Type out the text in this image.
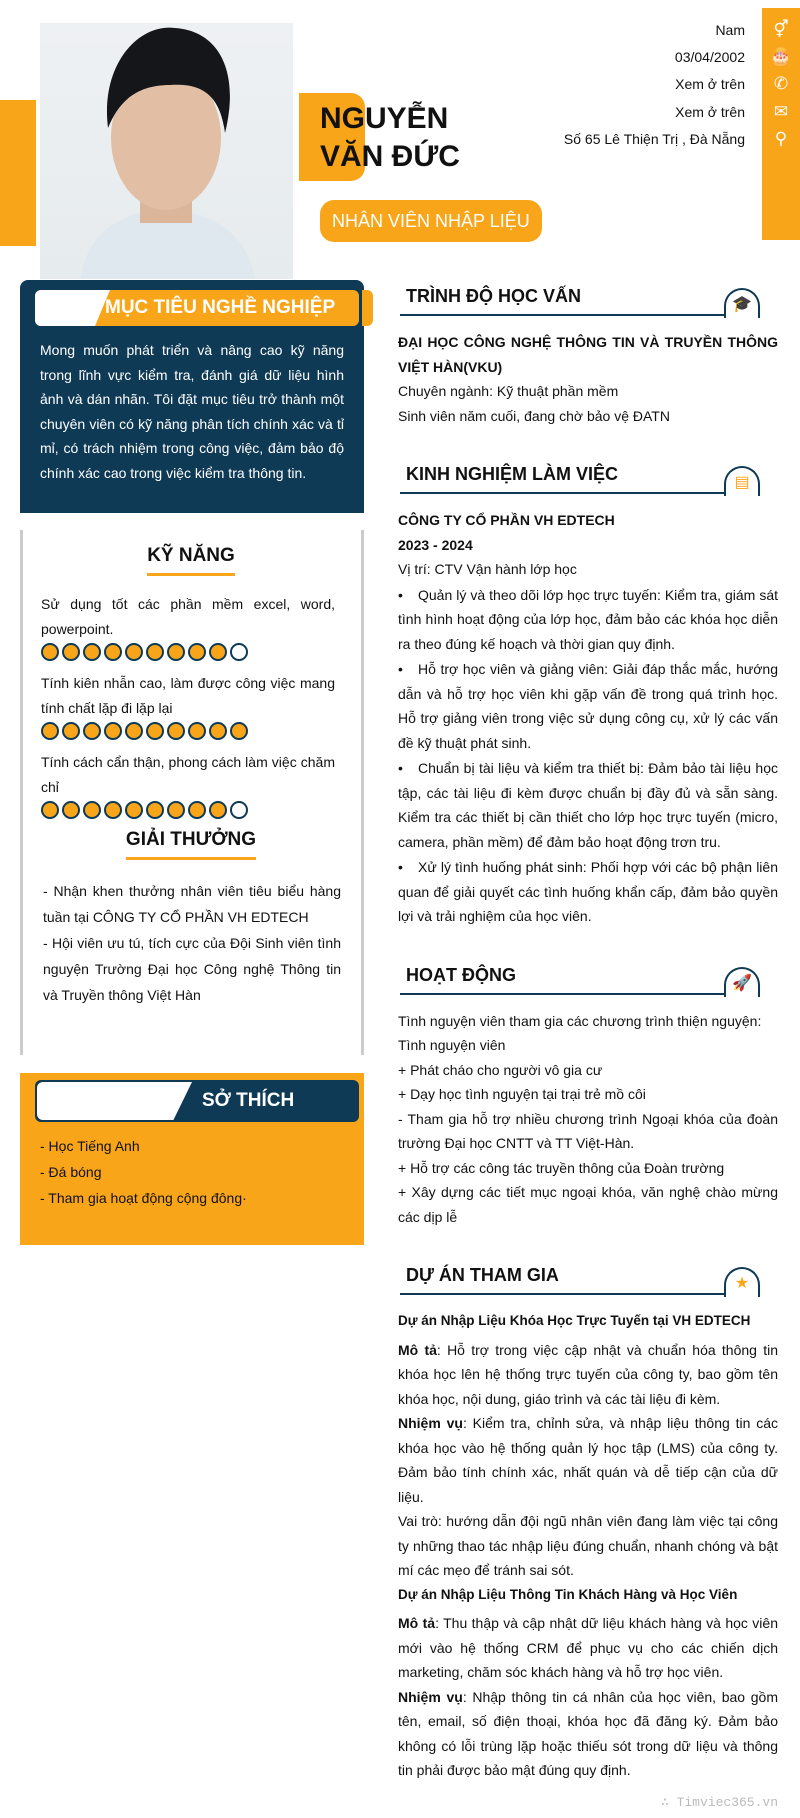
NGUYỄN
VĂN ĐỨC
NHÂN VIÊN NHẬP LIỆU
MỤC TIÊU NGHỀ NGHIỆP
Mong muốn phát triển và nâng cao kỹ năng trong lĩnh vực kiểm tra, đánh giá dữ liệu hình ảnh và dán nhãn. Tôi đặt mục tiêu trở thành một chuyên viên có kỹ năng phân tích chính xác và tỉ mỉ, có trách nhiệm trong công việc, đảm bảo độ chính xác cao trong việc kiểm tra thông tin.
KỸ NĂNG
Sử dụng tốt các phần mềm excel, word, powerpoint.
Tính kiên nhẫn cao, làm được công việc mang tính chất lặp đi lặp lại
Tính cách cẩn thận, phong cách làm việc chăm chỉ
GIẢI THƯỞNG
- Nhận khen thưởng nhân viên tiêu biểu hàng tuần tại CÔNG TY CỔ PHẦN VH EDTECH
- Hội viên ưu tú, tích cực của Đội Sinh viên tình nguyện Trường Đại học Công nghệ Thông tin và Truyền thông Việt Hàn
SỞ THÍCH
- Học Tiếng Anh
- Đá bóng
- Tham gia hoạt động cộng đông·
TRÌNH ĐỘ HỌC VẤN	🎓
ĐẠI HỌC CÔNG NGHỆ THÔNG TIN VÀ TRUYỀN THÔNG VIỆT HÀN(VKU)
Chuyên ngành: Kỹ thuật phần mềm
Sinh viên năm cuối, đang chờ bảo vệ ĐATN
KINH NGHIỆM LÀM VIỆC	▤
CÔNG TY CỔ PHẦN VH EDTECH
2023 - 2024
Vị trí: CTV Vận hành lớp học
• Quản lý và theo dõi lớp học trực tuyến: Kiểm tra, giám sát tình hình hoạt động của lớp học, đảm bảo các khóa học diễn ra theo đúng kế hoạch và thời gian quy định.
• Hỗ trợ học viên và giảng viên: Giải đáp thắc mắc, hướng dẫn và hỗ trợ học viên khi gặp vấn đề trong quá trình học. Hỗ trợ giảng viên trong việc sử dụng công cụ, xử lý các vấn đề kỹ thuật phát sinh.
• Chuẩn bị tài liệu và kiểm tra thiết bị: Đảm bảo tài liệu học tập, các tài liệu đi kèm được chuẩn bị đầy đủ và sẵn sàng. Kiểm tra các thiết bị cần thiết cho lớp học trực tuyến (micro, camera, phần mềm) để đảm bảo hoạt động trơn tru.
• Xử lý tình huống phát sinh: Phối hợp với các bộ phận liên quan để giải quyết các tình huống khẩn cấp, đảm bảo quyền lợi và trải nghiệm của học viên.
HOẠT ĐỘNG	🚀
Tình nguyện viên tham gia các chương trình thiện nguyện:
Tình nguyện viên
+ Phát cháo cho người vô gia cư
+ Dạy học tình nguyện tại trại trẻ mồ côi
- Tham gia hỗ trợ nhiều chương trình Ngoại khóa của đoàn trường Đại học CNTT và TT Việt-Hàn.
+ Hỗ trợ các công tác truyền thông của Đoàn trường
+ Xây dựng các tiết mục ngoại khóa, văn nghệ chào mừng các dịp lễ
DỰ ÁN THAM GIA	★
Dự án Nhập Liệu Khóa Học Trực Tuyến tại VH EDTECH
Mô tả: Hỗ trợ trong việc cập nhật và chuẩn hóa thông tin khóa học lên hệ thống trực tuyến của công ty, bao gồm tên khóa học, nội dung, giáo trình và các tài liệu đi kèm.
Nhiệm vụ: Kiểm tra, chỉnh sửa, và nhập liệu thông tin các khóa học vào hệ thống quản lý học tập (LMS) của công ty. Đảm bảo tính chính xác, nhất quán và dễ tiếp cận của dữ liệu.
Vai trò: hướng dẫn đội ngũ nhân viên đang làm việc tại công ty những thao tác nhập liệu đúng chuẩn, nhanh chóng và bật mí các mẹo để tránh sai sót.
Dự án Nhập Liệu Thông Tin Khách Hàng và Học Viên
Mô tả: Thu thập và cập nhật dữ liệu khách hàng và học viên mới vào hệ thống CRM để phục vụ cho các chiến dịch marketing, chăm sóc khách hàng và hỗ trợ học viên.
Nhiệm vụ: Nhập thông tin cá nhân của học viên, bao gồm tên, email, số điện thoại, khóa học đã đăng ký. Đảm bảo không có lỗi trùng lặp hoặc thiếu sót trong dữ liệu và thông tin phải được bảo mật đúng quy định.
∴ Timviec365.vn
Nam	⚥
03/04/2002	🎂
Xem ở trên	✆
Xem ở trên	✉
Số 65 Lê Thiện Trị , Đà Nẵng	⚲
